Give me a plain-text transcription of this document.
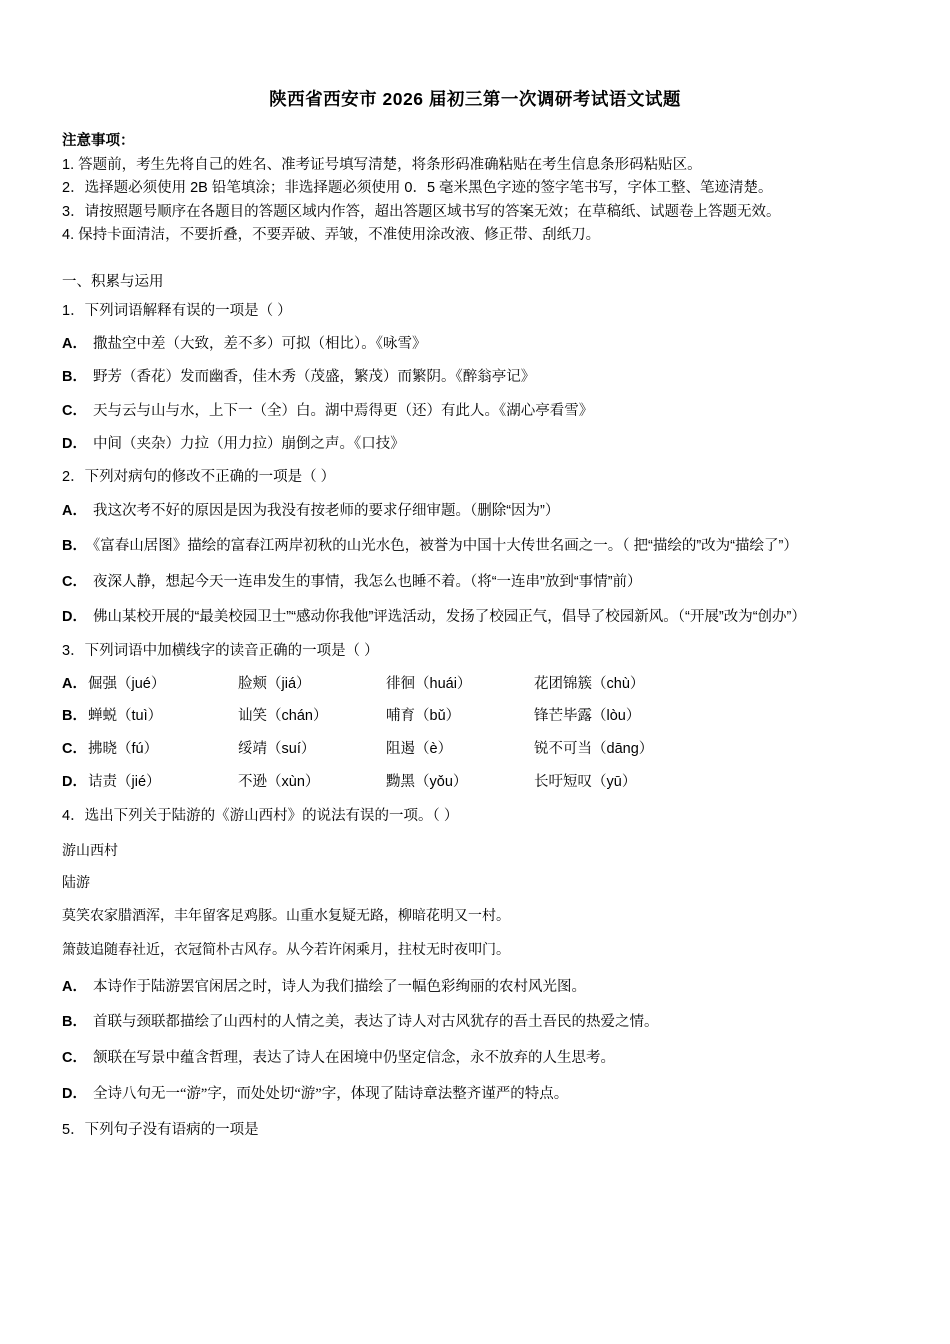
陕西省西安市 2026 届初三第一次调研考试语文试题

注意事项：

1. 答题前，考生先将自己的姓名、准考证号填写清楚，将条形码准确粘贴在考生信息条形码粘贴区。

2．选择题必须使用 2B 铅笔填涂；非选择题必须使用 0．5 毫米黑色字迹的签字笔书写，字体工整、笔迹清楚。

3．请按照题号顺序在各题目的答题区域内作答，超出答题区域书写的答案无效；在草稿纸、试题卷上答题无效。

4. 保持卡面清洁，不要折叠，不要弄破、弄皱，不准使用涂改液、修正带、刮纸刀。

一、积累与运用

1．下列词语解释有误的一项是（ ）

A． 撒盐空中差（大致，差不多）可拟（相比）。《咏雪》

B． 野芳（香花）发而幽香，佳木秀（茂盛，繁茂）而繁阴。《醉翁亭记》

C． 天与云与山与水，上下一（全）白。湖中焉得更（还）有此人。《湖心亭看雪》

D． 中间（夹杂）力拉（用力拉）崩倒之声。《口技》

2．下列对病句的修改不正确的一项是（ ）

A． 我这次考不好的原因是因为我没有按老师的要求仔细审题。（删除“因为”）

B． 《富春山居图》描绘的富春江两岸初秋的山光水色，被誉为中国十大传世名画之一。（ 把“描绘的”改为“描绘了”）

C． 夜深人静，想起今天一连串发生的事情，我怎么也睡不着。（将“一连串”放到“事情”前）

D． 佛山某校开展的“最美校园卫士”“感动你我他”评选活动，发扬了校园正气，倡导了校园新风。（“开展”改为“创办”）

3．下列词语中加横线字的读音正确的一项是（ ）

A． 倔强（jué）	脸颊（jiá）	徘徊（huái）	花团锦簇（chù）
B． 蝉蜕（tuì）	讪笑（chán）	哺育（bǔ）	锋芒毕露（lòu）
C． 拂晓（fú）	绥靖（suí）	阻遏（è）	锐不可当（dāng）
D． 诘责（jié）	不逊（xùn）	黝黑（yǒu）	长吁短叹（yū）

4．选出下列关于陆游的《游山西村》的说法有误的一项。（ ）

游山西村

陆游

莫笑农家腊酒浑，丰年留客足鸡豚。山重水复疑无路，柳暗花明又一村。

箫鼓追随春社近，衣冠简朴古风存。从今若许闲乘月，拄杖无时夜叩门。

A． 本诗作于陆游罢官闲居之时，诗人为我们描绘了一幅色彩绚丽的农村风光图。

B． 首联与颈联都描绘了山西村的人情之美，表达了诗人对古风犹存的吾土吾民的热爱之情。

C． 颔联在写景中蕴含哲理，表达了诗人在困境中仍坚定信念，永不放弃的人生思考。

D． 全诗八句无一“游”字，而处处切“游”字，体现了陆诗章法整齐谨严的特点。

5．下列句子没有语病的一项是
